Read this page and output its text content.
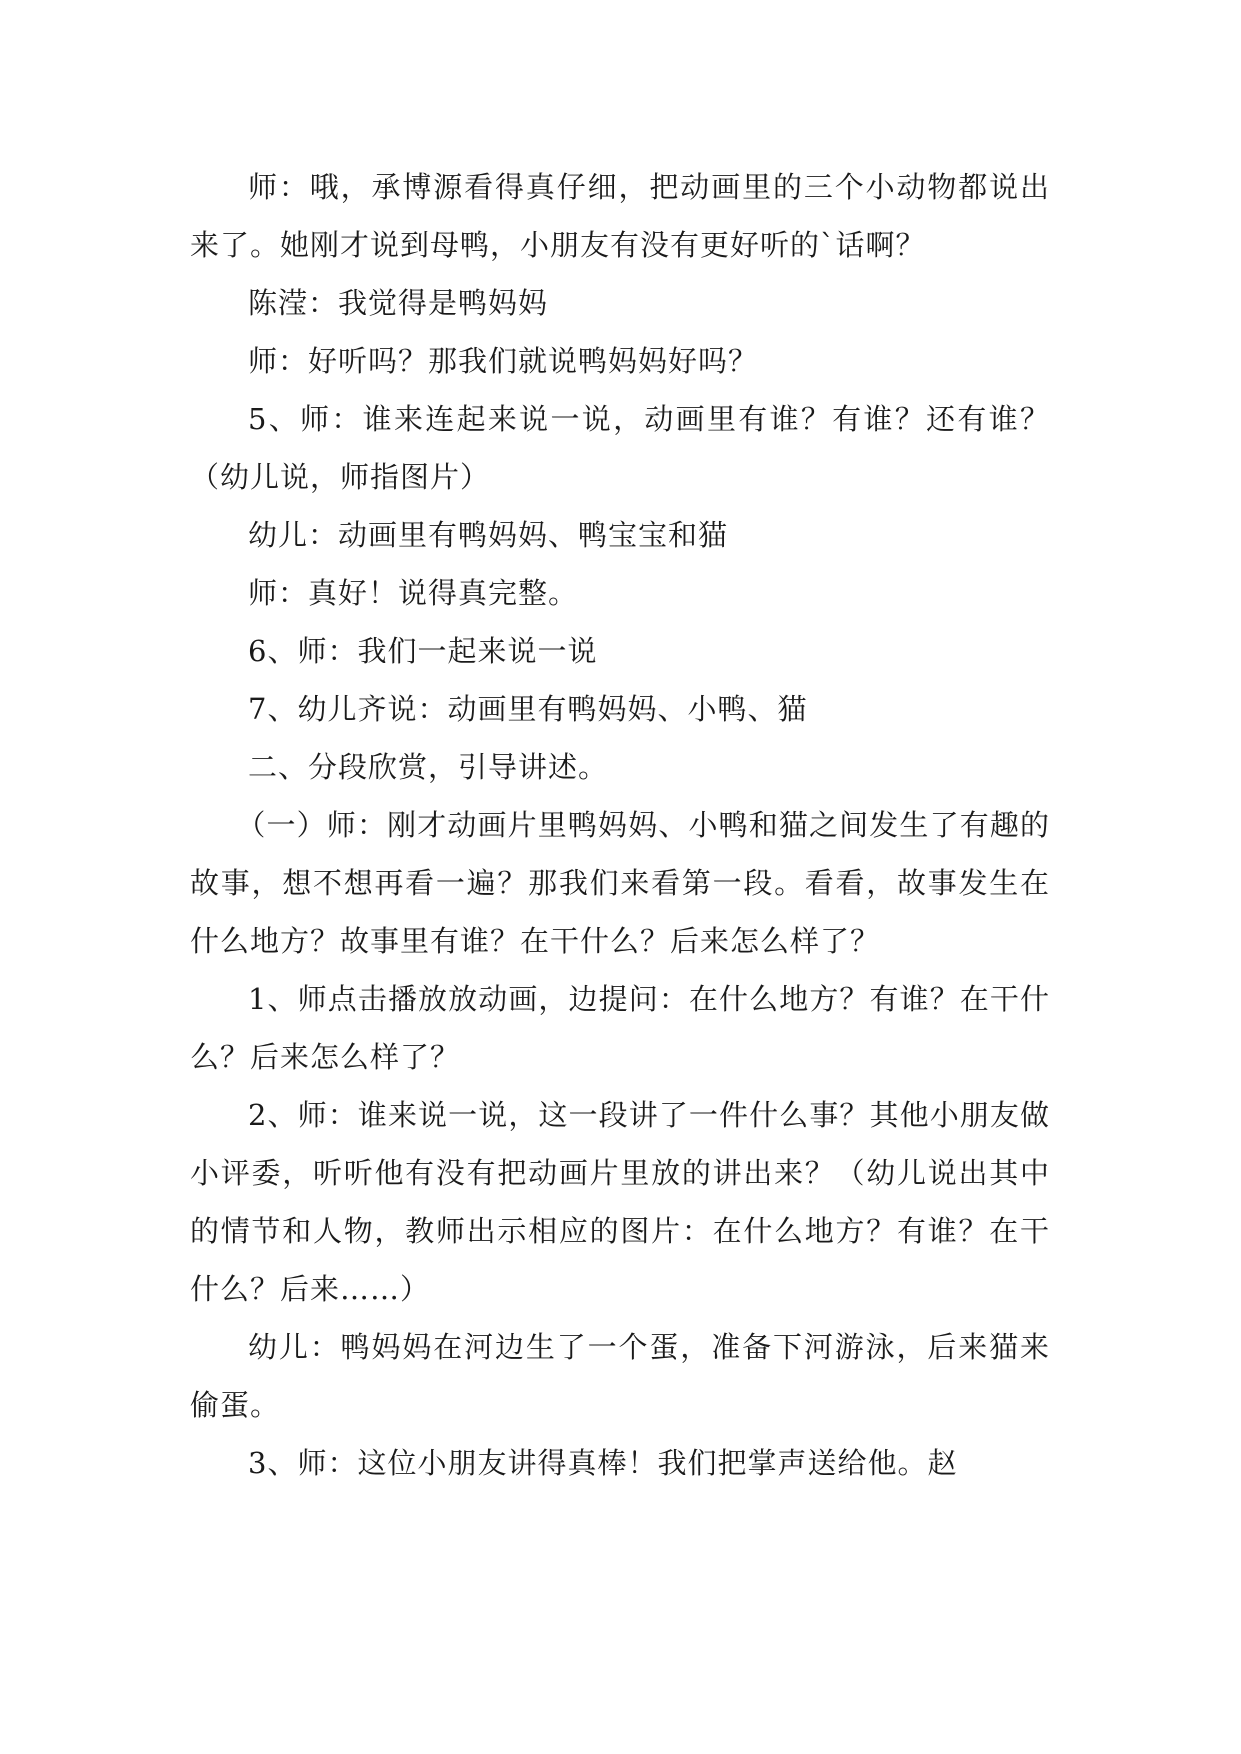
师：哦，承博源看得真仔细，把动画里的三个小动物都说出来了。她刚才说到母鸭，小朋友有没有更好听的`话啊？

陈滢：我觉得是鸭妈妈

师：好听吗？那我们就说鸭妈妈好吗？

5、师：谁来连起来说一说，动画里有谁？有谁？还有谁？（幼儿说，师指图片）

幼儿：动画里有鸭妈妈、鸭宝宝和猫

师：真好！说得真完整。

6、师：我们一起来说一说

7、幼儿齐说：动画里有鸭妈妈、小鸭、猫

二、分段欣赏，引导讲述。

（一）师：刚才动画片里鸭妈妈、小鸭和猫之间发生了有趣的故事，想不想再看一遍？那我们来看第一段。看看，故事发生在什么地方？故事里有谁？在干什么？后来怎么样了？

1、师点击播放放动画，边提问：在什么地方？有谁？在干什么？后来怎么样了？

2、师：谁来说一说，这一段讲了一件什么事？其他小朋友做小评委，听听他有没有把动画片里放的讲出来？（幼儿说出其中的情节和人物，教师出示相应的图片：在什么地方？有谁？在干什么？后来……）

幼儿：鸭妈妈在河边生了一个蛋，准备下河游泳，后来猫来偷蛋。

3、师：这位小朋友讲得真棒！我们把掌声送给他。赵
